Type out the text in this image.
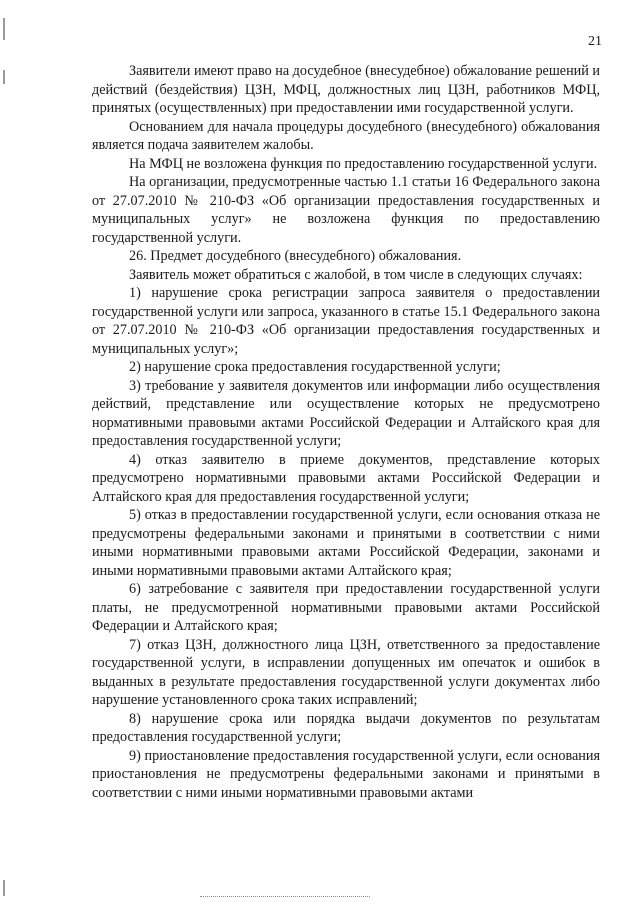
21

Заявители имеют право на досудебное (внесудебное) обжалование решений и действий (бездействия) ЦЗН, МФЦ, должностных лиц ЦЗН, работников МФЦ, принятых (осуществленных) при предоставлении ими государственной услуги.

Основанием для начала процедуры досудебного (внесудебного) обжалования является подача заявителем жалобы.

На МФЦ не возложена функция по предоставлению государственной услуги.

На организации, предусмотренные частью 1.1 статьи 16 Федерального закона от 27.07.2010 № 210-ФЗ «Об организации предоставления государственных и муниципальных услуг» не возложена функция по предоставлению государственной услуги.

26. Предмет досудебного (внесудебного) обжалования.

Заявитель может обратиться с жалобой, в том числе в следующих случаях:

1) нарушение срока регистрации запроса заявителя о предоставлении государственной услуги или запроса, указанного в статье 15.1 Федерального закона от 27.07.2010 № 210-ФЗ «Об организации предоставления государственных и муниципальных услуг»;

2) нарушение срока предоставления государственной услуги;

3) требование у заявителя документов или информации либо осуществления действий, представление или осуществление которых не предусмотрено нормативными правовыми актами Российской Федерации и Алтайского края для предоставления государственной услуги;

4) отказ заявителю в приеме документов, представление которых предусмотрено нормативными правовыми актами Российской Федерации и Алтайского края для предоставления государственной услуги;

5) отказ в предоставлении государственной услуги, если основания отказа не предусмотрены федеральными законами и принятыми в соответствии с ними иными нормативными правовыми актами Российской Федерации, законами и иными нормативными правовыми актами Алтайского края;

6) затребование с заявителя при предоставлении государственной услуги платы, не предусмотренной нормативными правовыми актами Российской Федерации и Алтайского края;

7) отказ ЦЗН, должностного лица ЦЗН, ответственного за предоставление государственной услуги, в исправлении допущенных им опечаток и ошибок в выданных в результате предоставления государственной услуги документах либо нарушение установленного срока таких исправлений;

8) нарушение срока или порядка выдачи документов по результатам предоставления государственной услуги;

9) приостановление предоставления государственной услуги, если основания приостановления не предусмотрены федеральными законами и принятыми в соответствии с ними иными нормативными правовыми актами
